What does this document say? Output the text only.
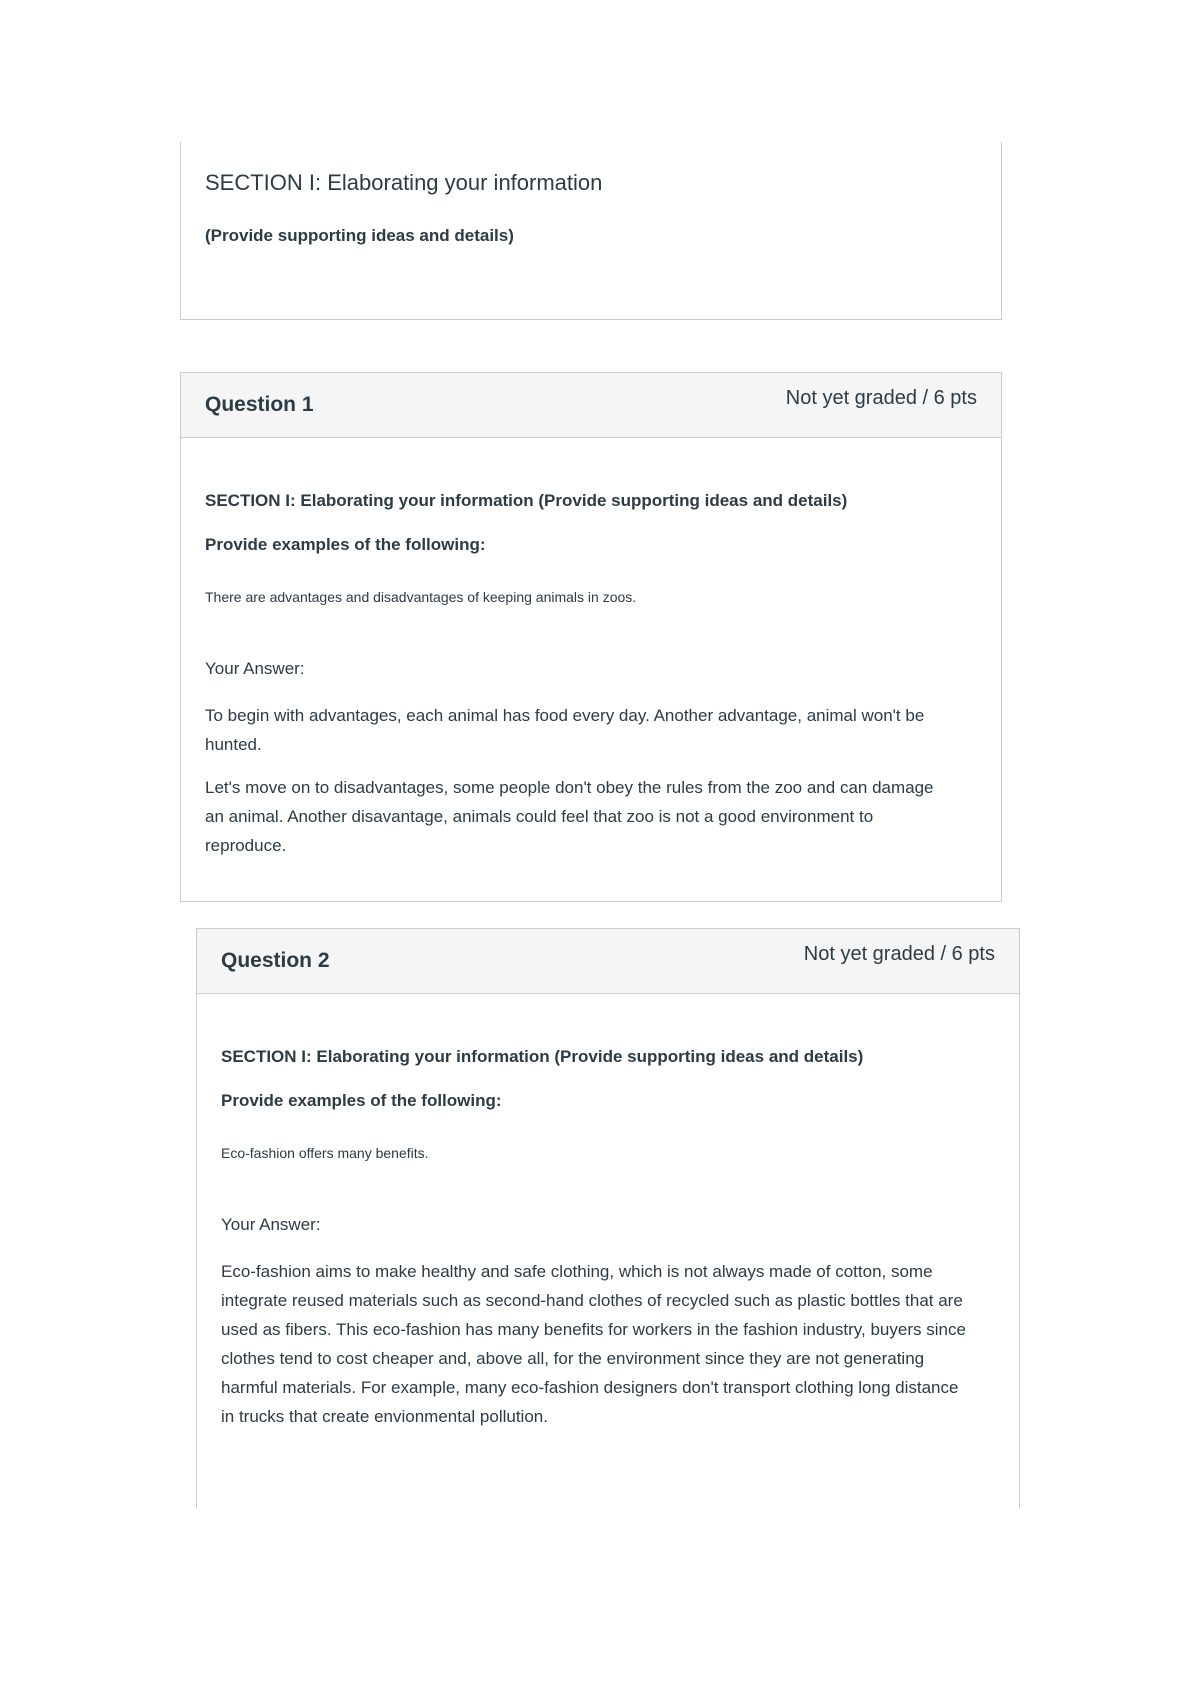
SECTION I: Elaborating your information
(Provide supporting ideas and details)
Question 1	Not yet graded / 6 pts
SECTION I: Elaborating your information (Provide supporting ideas and details)
Provide examples of the following:
There are advantages and disadvantages of keeping animals in zoos.
Your Answer:

To begin with advantages, each animal has food every day. Another advantage, animal won't be hunted.

Let's move on to disadvantages, some people don't obey the rules from the zoo and can damage an animal. Another disavantage, animals could feel that zoo is not a good environment to reproduce.

Question 2	Not yet graded / 6 pts
SECTION I: Elaborating your information (Provide supporting ideas and details)
Provide examples of the following:
Eco-fashion offers many benefits.
Your Answer:

Eco-fashion aims to make healthy and safe clothing, which is not always made of cotton, some integrate reused materials such as second-hand clothes of recycled such as plastic bottles that are used as fibers. This eco-fashion has many benefits for workers in the fashion industry, buyers since clothes tend to cost cheaper and, above all, for the environment since they are not generating harmful materials. For example, many eco-fashion designers don't transport clothing long distance in trucks that create envionmental pollution.
